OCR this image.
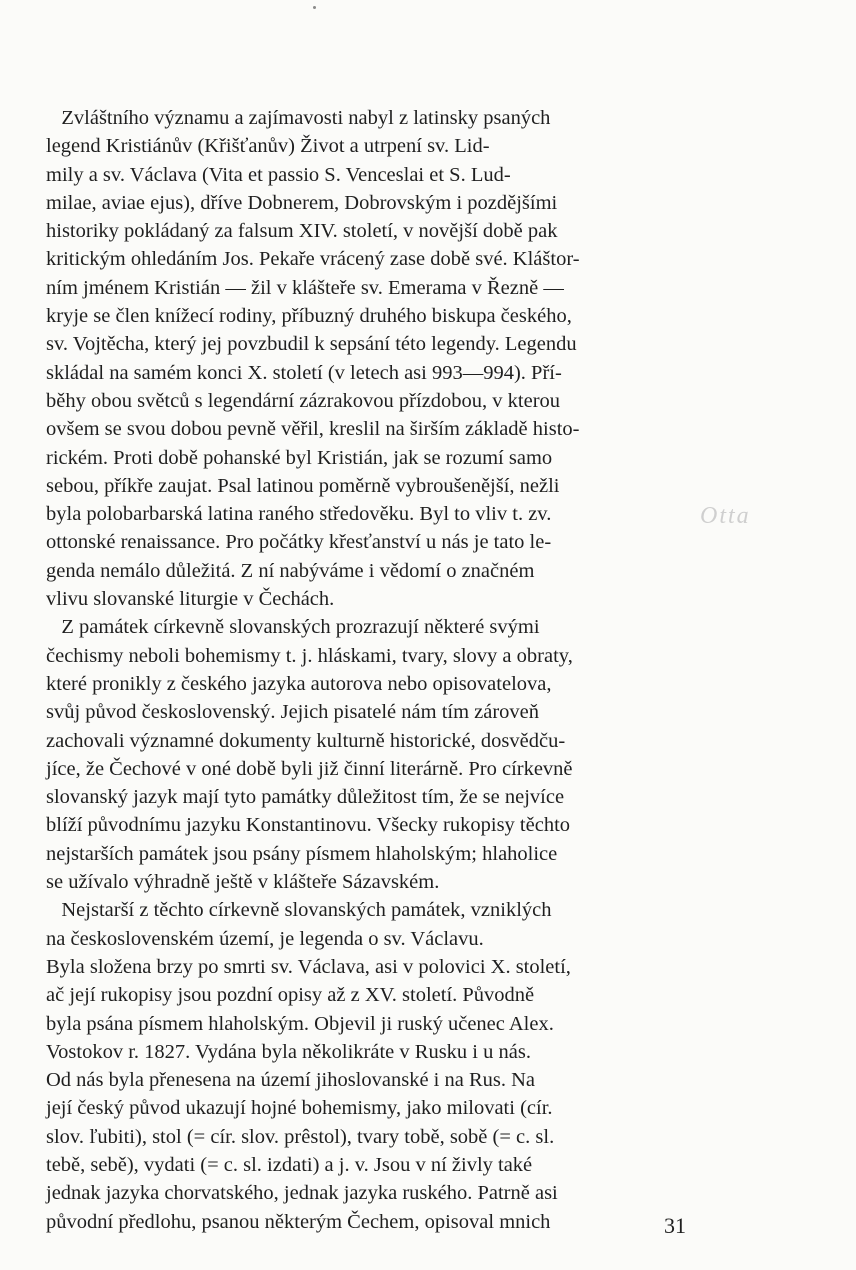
Zvláštního významu a zajímavosti nabyl z latinsky psaných
legend Kristiánův (Křišťanův) Život a utrpení sv. Lid-
mily a sv. Václava (Vita et passio S. Venceslai et S. Lud-
milae, aviae ejus), dříve Dobnerem, Dobrovským i pozdějšími
historiky pokládaný za falsum XIV. století, v novější době pak
kritickým ohledáním Jos. Pekaře vrácený zase době své. Kláštor-
ním jménem Kristián — žil v klášteře sv. Emerama v Řezně —
kryje se člen knížecí rodiny, příbuzný druhého biskupa českého,
sv. Vojtěcha, který jej povzbudil k sepsání této legendy. Legendu
skládal na samém konci X. století (v letech asi 993—994). Pří-
běhy obou světců s legendární zázrakovou přízdobou, v kterou
ovšem se svou dobou pevně věřil, kreslil na širším základě histo-
rickém. Proti době pohanské byl Kristián, jak se rozumí samo
sebou, příkře zaujat. Psal latinou poměrně vybroušenější, nežli
byla polobarbarská latina raného středověku. Byl to vliv t. zv.
ottonské renaissance. Pro počátky křesťanství u nás je tato le-
genda nemálo důležitá. Z ní nabýváme i vědomí o značném
vlivu slovanské liturgie v Čechách.
Z památek církevně slovanských prozrazují některé svými
čechismy neboli bohemismy t. j. hláskami, tvary, slovy a obraty,
které pronikly z českého jazyka autorova nebo opisovatelova,
svůj původ československý. Jejich pisatelé nám tím zároveň
zachovali významné dokumenty kulturně historické, dosvědču-
jíce, že Čechové v oné době byli již činní literárně. Pro církevně
slovanský jazyk mají tyto památky důležitost tím, že se nejvíce
blíží původnímu jazyku Konstantinovu. Všecky rukopisy těchto
nejstarších památek jsou psány písmem hlaholským; hlaholice
se užívalo výhradně ještě v klášteře Sázavském.
Nejstarší z těchto církevně slovanských památek, vzniklých
na československém území, je legenda o sv. Václavu.
Byla složena brzy po smrti sv. Václava, asi v polovici X. století,
ač její rukopisy jsou pozdní opisy až z XV. století. Původně
byla psána písmem hlaholským. Objevil ji ruský učenec Alex.
Vostokov r. 1827. Vydána byla několikráte v Rusku i u nás.
Od nás byla přenesena na území jihoslovanské i na Rus. Na
její český původ ukazují hojné bohemismy, jako milovati (cír.
slov. ľubiti), stol (= cír. slov. prêstol), tvary tobě, sobě (= c. sl.
tebě, sebě), vydati (= c. sl. izdati) a j. v. Jsou v ní živly také
jednak jazyka chorvatského, jednak jazyka ruského. Patrně asi
původní předlohu, psanou některým Čechem, opisoval mnich
Otta
31
